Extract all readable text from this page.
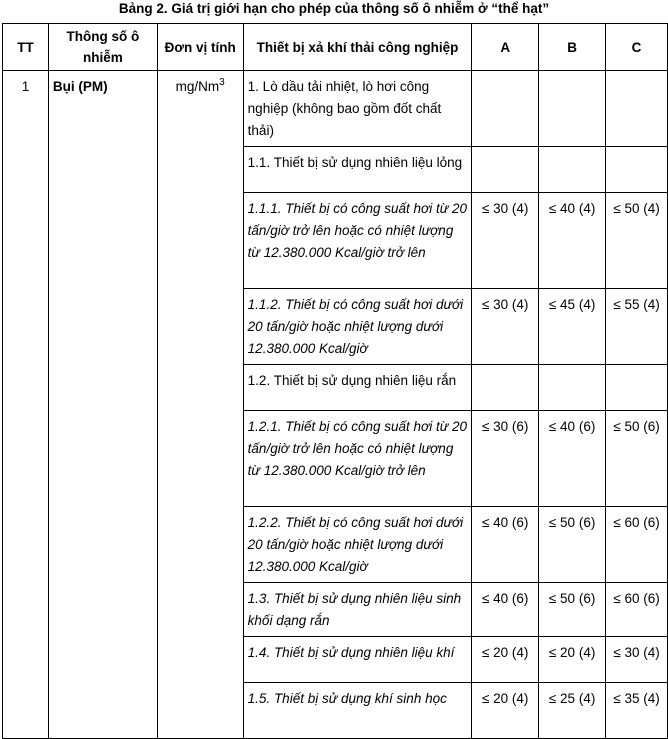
Bảng 2. Giá trị giới hạn cho phép của thông số ô nhiễm ở “thể hạt”
TT	Thông số ô nhiễm	Đơn vị tính	Thiết bị xả khí thải công nghiệp	A	B	C

1	Bụi (PM)	mg/Nm$^3$	1. Lò dầu tải nhiệt, lò hơi công nghiệp (không bao gồm đốt chất thải)			

			1.1. Thiết bị sử dụng nhiên liệu lỏng			

			1.1.1. Thiết bị có công suất hơi từ 20 tấn/giờ trở lên hoặc có nhiệt lượng từ 12.380.000 Kcal/giờ trở lên	≤ 30 (4)	≤ 40 (4)	≤ 50 (4)

			1.1.2. Thiết bị có công suất hơi dưới 20 tấn/giờ hoặc nhiệt lượng dưới 12.380.000 Kcal/giờ	≤ 30 (4)	≤ 45 (4)	≤ 55 (4)

			1.2. Thiết bị sử dụng nhiên liệu rắn			

			1.2.1. Thiết bị có công suất hơi từ 20 tấn/giờ trở lên hoặc có nhiệt lượng từ 12.380.000 Kcal/giờ trở lên	≤ 30 (6)	≤ 40 (6)	≤ 50 (6)

			1.2.2. Thiết bị có công suất hơi dưới 20 tấn/giờ hoặc nhiệt lượng dưới 12.380.000 Kcal/giờ	≤ 40 (6)	≤ 50 (6)	≤ 60 (6)

			1.3. Thiết bị sử dụng nhiên liệu sinh khối dạng rắn	≤ 40 (6)	≤ 50 (6)	≤ 60 (6)

			1.4. Thiết bị sử dụng nhiên liệu khí	≤ 20 (4)	≤ 20 (4)	≤ 30 (4)

			1.5. Thiết bị sử dụng khí sinh học	≤ 20 (4)	≤ 25 (4)	≤ 35 (4)
